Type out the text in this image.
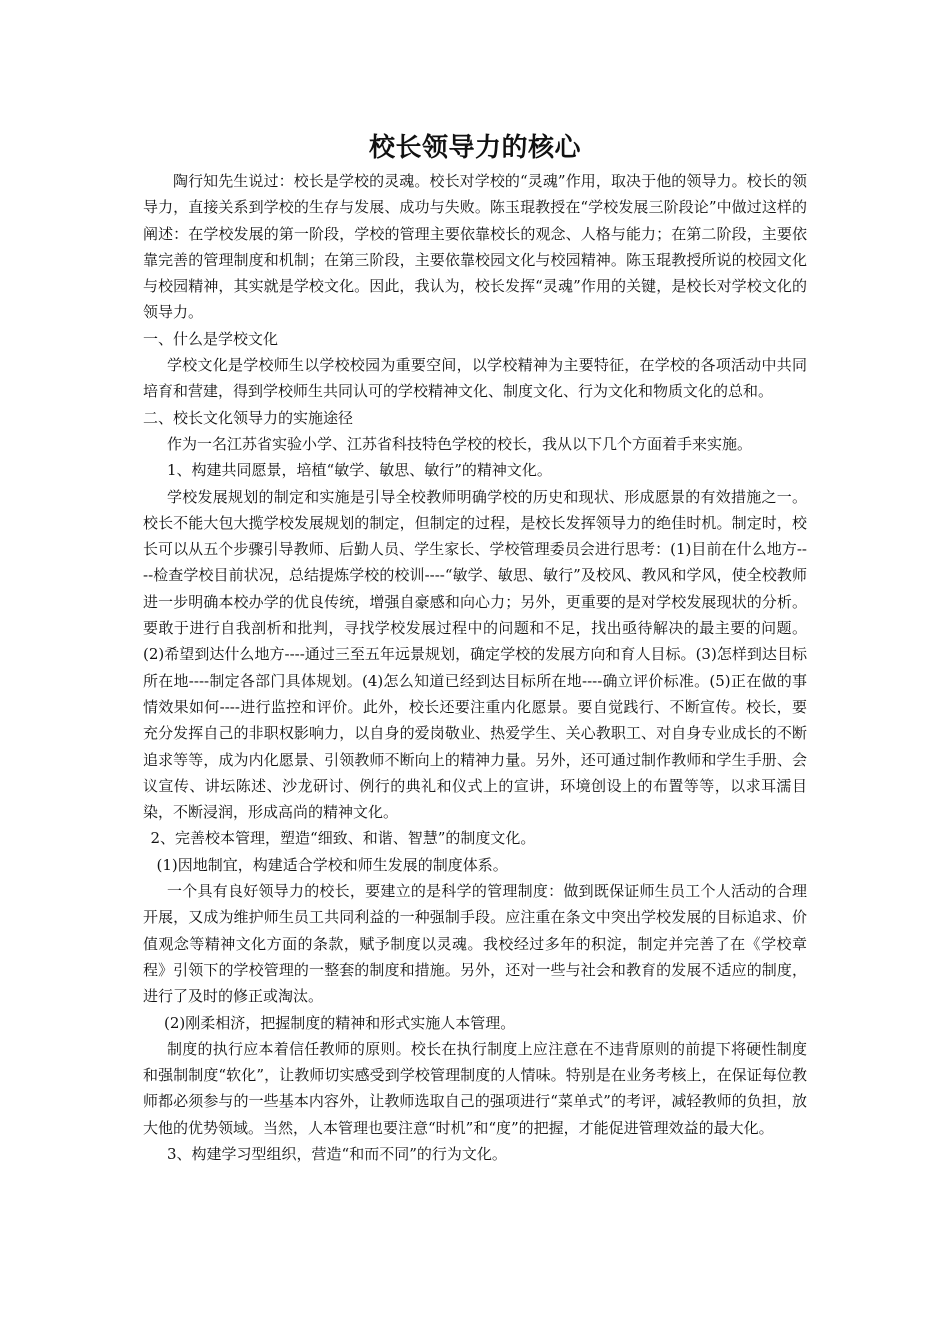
校长领导力的核心

陶行知先生说过：校长是学校的灵魂。校长对学校的“灵魂”作用，取决于他的领导力。校长的领导力，直接关系到学校的生存与发展、成功与失败。陈玉琨教授在“学校发展三阶段论”中做过这样的阐述：在学校发展的第一阶段，学校的管理主要依靠校长的观念、人格与能力；在第二阶段，主要依靠完善的管理制度和机制；在第三阶段，主要依靠校园文化与校园精神。陈玉琨教授所说的校园文化与校园精神，其实就是学校文化。因此，我认为，校长发挥“灵魂”作用的关键，是校长对学校文化的领导力。

一、什么是学校文化

学校文化是学校师生以学校校园为重要空间，以学校精神为主要特征，在学校的各项活动中共同培育和营建，得到学校师生共同认可的学校精神文化、制度文化、行为文化和物质文化的总和。

二、校长文化领导力的实施途径

作为一名江苏省实验小学、江苏省科技特色学校的校长，我从以下几个方面着手来实施。

1、构建共同愿景，培植“敏学、敏思、敏行”的精神文化。

学校发展规划的制定和实施是引导全校教师明确学校的历史和现状、形成愿景的有效措施之一。校长不能大包大揽学校发展规划的制定，但制定的过程，是校长发挥领导力的绝佳时机。制定时，校长可以从五个步骤引导教师、后勤人员、学生家长、学校管理委员会进行思考：(1)目前在什么地方----检查学校目前状况，总结提炼学校的校训----“敏学、敏思、敏行”及校风、教风和学风，使全校教师进一步明确本校办学的优良传统，增强自豪感和向心力；另外，更重要的是对学校发展现状的分析。要敢于进行自我剖析和批判，寻找学校发展过程中的问题和不足，找出亟待解决的最主要的问题。(2)希望到达什么地方----通过三至五年远景规划，确定学校的发展方向和育人目标。(3)怎样到达目标所在地----制定各部门具体规划。(4)怎么知道已经到达目标所在地----确立评价标准。(5)正在做的事情效果如何----进行监控和评价。此外，校长还要注重内化愿景。要自觉践行、不断宣传。校长，要充分发挥自己的非职权影响力，以自身的爱岗敬业、热爱学生、关心教职工、对自身专业成长的不断追求等等，成为内化愿景、引领教师不断向上的精神力量。另外，还可通过制作教师和学生手册、会议宣传、讲坛陈述、沙龙研讨、例行的典礼和仪式上的宣讲，环境创设上的布置等等，以求耳濡目染，不断浸润，形成高尚的精神文化。

2、完善校本管理，塑造“细致、和谐、智慧”的制度文化。

(1)因地制宜，构建适合学校和师生发展的制度体系。

一个具有良好领导力的校长，要建立的是科学的管理制度：做到既保证师生员工个人活动的合理开展，又成为维护师生员工共同利益的一种强制手段。应注重在条文中突出学校发展的目标追求、价值观念等精神文化方面的条款，赋予制度以灵魂。我校经过多年的积淀，制定并完善了在《学校章程》引领下的学校管理的一整套的制度和措施。另外，还对一些与社会和教育的发展不适应的制度，进行了及时的修正或淘汰。

(2)刚柔相济，把握制度的精神和形式实施人本管理。

制度的执行应本着信任教师的原则。校长在执行制度上应注意在不违背原则的前提下将硬性制度和强制制度“软化”，让教师切实感受到学校管理制度的人情味。特别是在业务考核上，在保证每位教师都必须参与的一些基本内容外，让教师选取自己的强项进行“菜单式”的考评，减轻教师的负担，放大他的优势领域。当然，人本管理也要注意“时机”和“度”的把握，才能促进管理效益的最大化。

3、构建学习型组织，营造“和而不同”的行为文化。
